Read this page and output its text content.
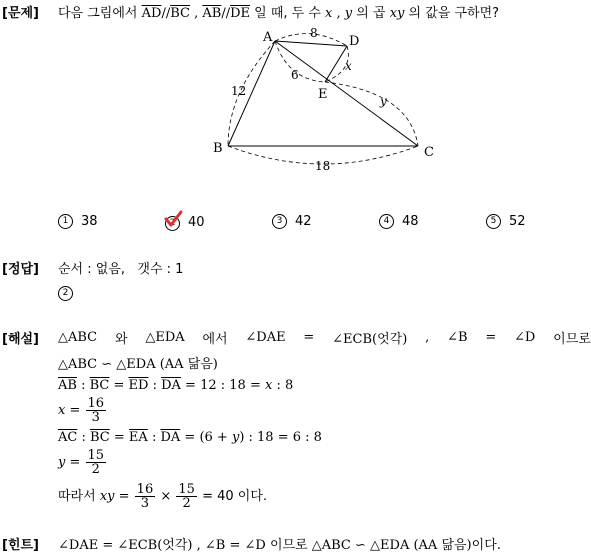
[문제] 다음 그림에서 $\overline{AD}//\overline{BC}$ , $\overline{AB}//\overline{DE}$ 일 때, 두 수 x , y 의 곱 xy 의 값을 구하면?
A
B	C
D
E
8
12
18
6
x
y
1 38	2 40	3 42	4 48	5 52
[정답] 순서 : 없음,   갯수 : 1
2
[해설] △ABC 와 △EDA 에서 ∠DAE = ∠ECB(엇각) , ∠B = ∠D 이므로
△ABC ∽ △EDA (AA 닮음)
$\overline{AB}$ : $\overline{BC} = \overline{ED}$ : $\overline{DA} = 12$ : 18 = x : 8
$x = \frac{16}{3}$
$\overline{AC}$ : $\overline{BC} = \overline{EA}$ : $\overline{DA} = (6 + y)$ : 18 = 6 : 8
$y = \frac{15}{2}$
따라서 xy = $\frac{16}{3} \times \frac{15}{2} = 40$ 이다.
[힌트] ∠DAE = ∠ECB(엇각) , ∠B = ∠D 이므로 △ABC ∽ △EDA (AA 닮음)이다.
